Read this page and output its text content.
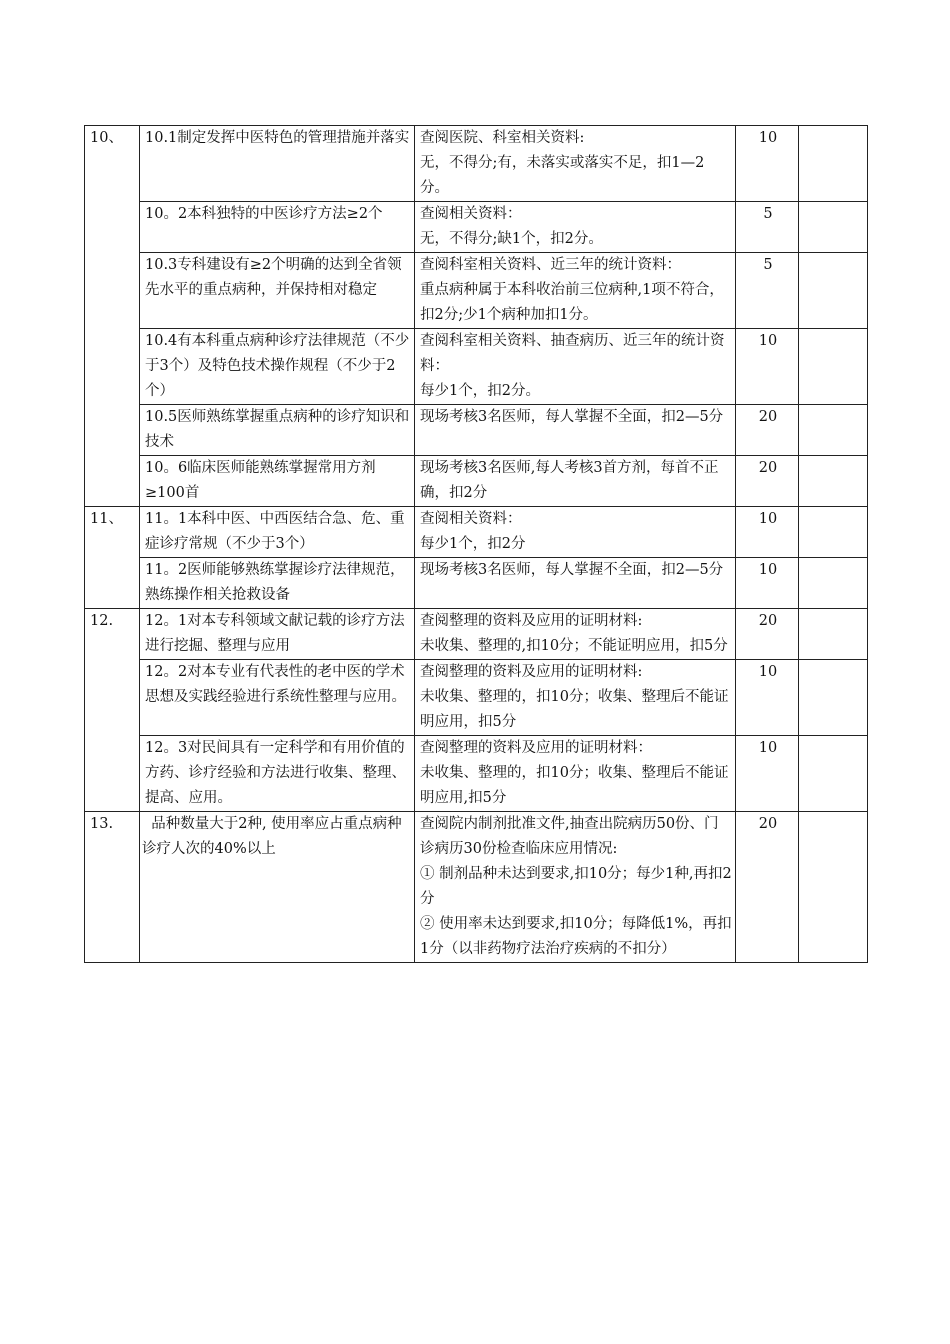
10、	10.1制定发挥中医特色的管理措施并落实	查阅医院、科室相关资料:
无，不得分;有，未落实或落实不足，扣1—2分。	10	
	10。2本科独特的中医诊疗方法≥2个	查阅相关资料：
无，不得分;缺1个，扣2分。	5	
	10.3专科建设有≥2个明确的达到全省领先水平的重点病种，并保持相对稳定	查阅科室相关资料、近三年的统计资料：
重点病种属于本科收治前三位病种,1项不符合，扣2分;少1个病种加扣1分。	5	
	10.4有本科重点病种诊疗法律规范（不少于3个）及特色技术操作规程（不少于2个）	查阅科室相关资料、抽查病历、近三年的统计资料：
每少1个，扣2分。	10	
	10.5医师熟练掌握重点病种的诊疗知识和技术	现场考核3名医师，每人掌握不全面，扣2—5分	20	
	10。6临床医师能熟练掌握常用方剂≥100首	现场考核3名医师,每人考核3首方剂，每首不正确，扣2分	20	
11、	11。1本科中医、中西医结合急、危、重症诊疗常规（不少于3个）	查阅相关资料：
每少1个，扣2分	10	
	11。2医师能够熟练掌握诊疗法律规范，熟练操作相关抢救设备	现场考核3名医师，每人掌握不全面，扣2—5分	10	
12.	12。1对本专科领域文献记载的诊疗方法进行挖掘、整理与应用	查阅整理的资料及应用的证明材料:
未收集、整理的,扣10分；不能证明应用，扣5分	20	
	12。2对本专业有代表性的老中医的学术思想及实践经验进行系统性整理与应用。	查阅整理的资料及应用的证明材料:
未收集、整理的，扣10分；收集、整理后不能证明应用，扣5分	10	
	12。3对民间具有一定科学和有用价值的方药、诊疗经验和方法进行收集、整理、提高、应用。	查阅整理的资料及应用的证明材料：
未收集、整理的，扣10分；收集、整理后不能证明应用,扣5分	10	
13.	品种数量大于2种, 使用率应占重点病种诊疗人次的40%以上	查阅院内制剂批准文件,抽查出院病历50份、门诊病历30份检查临床应用情况:
① 制剂品种未达到要求,扣10分；每少1种,再扣2分
② 使用率未达到要求,扣10分；每降低1%，再扣1分（以非药物疗法治疗疾病的不扣分）	20	
